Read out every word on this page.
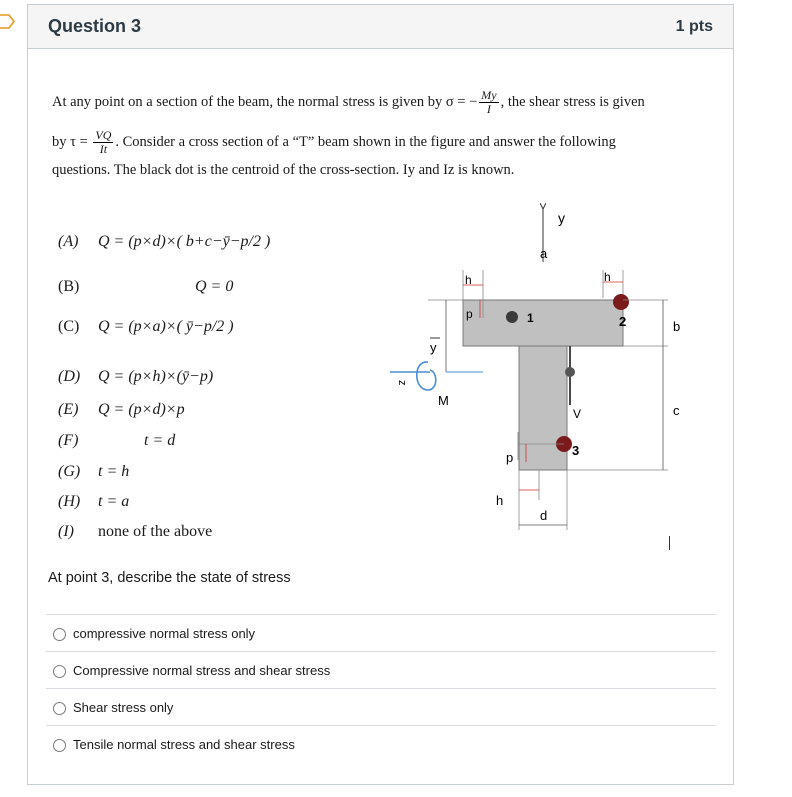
Question 3	1 pts
At any point on a section of the beam, the normal stress is given by σ = − $\frac{My}{I}$ , the shear stress is given
by $\tau = \frac{VQ}{It}$ . Consider a cross section of a “T” beam shown in the figure and answer the following
questions. The black dot is the centroid of the cross-section. Iy and Iz is known.
(A) Q = (p×d)×( b+c−ȳ−p/2 )
(B)	Q = 0
(C) Q = (p×a)×( ȳ−p/2 )
(D) Q = (p×h)×(ȳ−p)
(E) Q = (p×d)×p
(F)	t = d
(G) t = h
(H) t = a
(I) none of the above
y
a
h	h
p	1	2	b
c
y
z
M
V
3
p
h
d
At point 3, describe the state of stress
compressive normal stress only
Compressive normal stress and shear stress
Shear stress only
Tensile normal stress and shear stress
